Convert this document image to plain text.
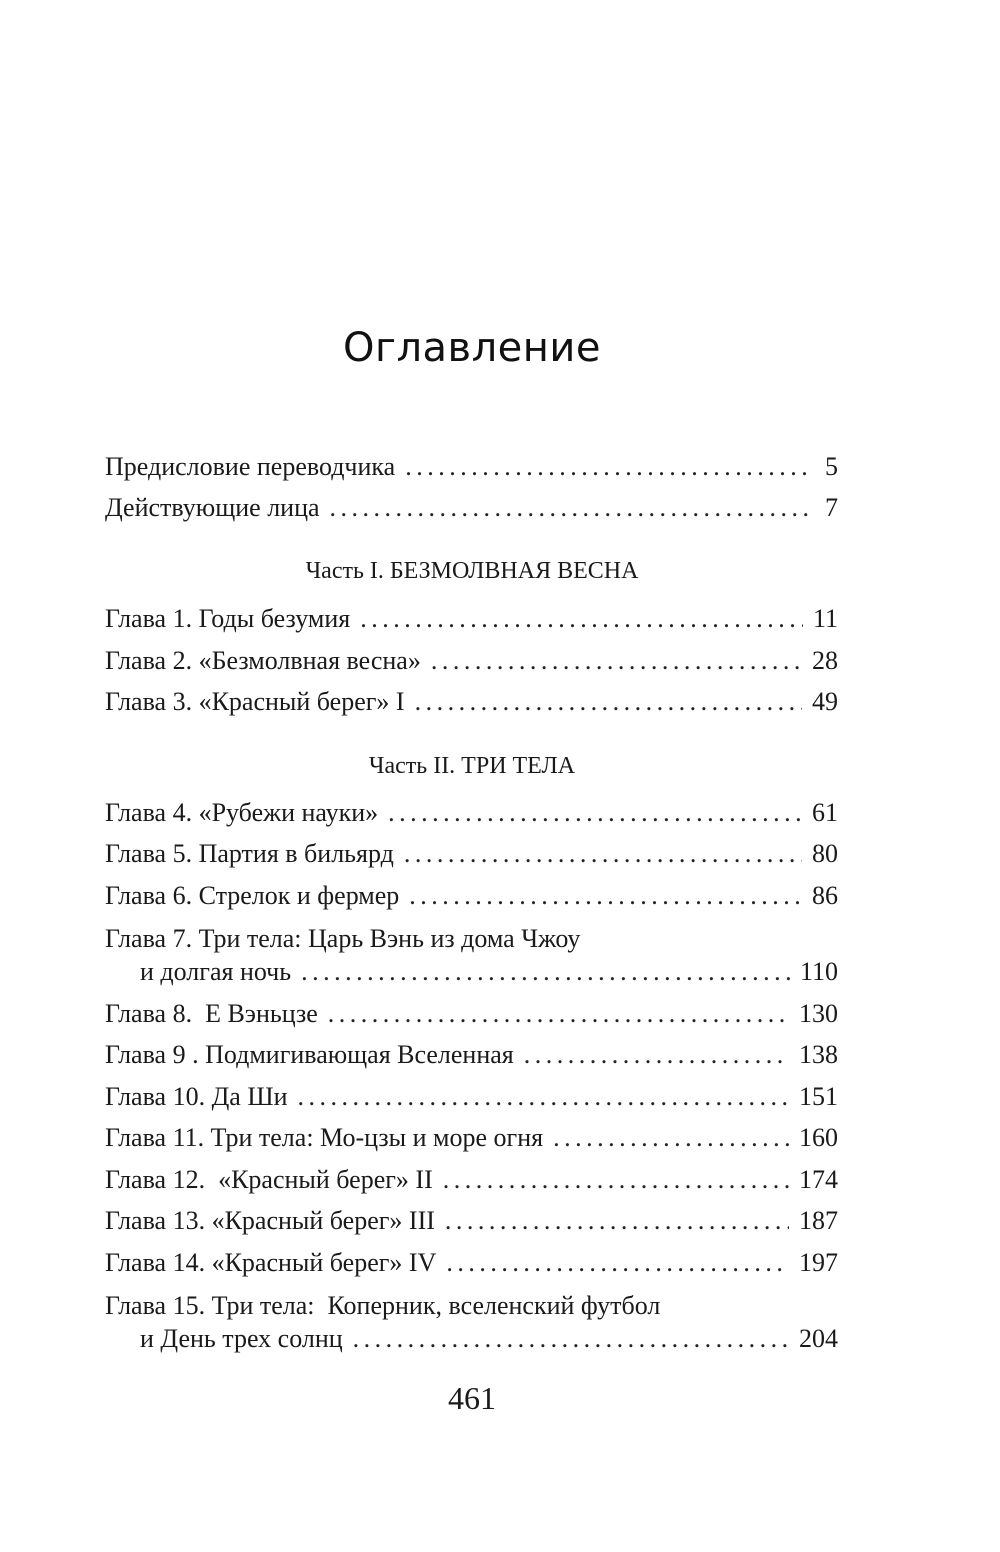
Оглавление
Предисловие переводчика . . .	5
Действующие лица . . .	7
Часть I. БЕЗМОЛВНАЯ ВЕСНА
Глава 1. Годы безумия . . .	11
Глава 2. «Безмолвная весна» . . .	28
Глава 3. «Красный берег» I . . .	49
Часть II. ТРИ ТЕЛА
Глава 4. «Рубежи науки» . . .	61
Глава 5. Партия в бильярд . . .	80
Глава 6. Стрелок и фермер . . .	86
Глава 7. Три тела: Царь Вэнь из дома Чжоу
и долгая ночь . . .	110
Глава 8.  Е Вэньцзе . . .	130
Глава 9 . Подмигивающая Вселенная . . .	138
Глава 10. Да Ши . . .	151
Глава 11. Три тела: Мо-цзы и море огня . . .	160
Глава 12.  «Красный берег» II . . .	174
Глава 13. «Красный берег» III . . .	187
Глава 14. «Красный берег» IV . . .	197
Глава 15. Три тела:  Коперник, вселенский футбол
и День трех солнц . . .	204
461
